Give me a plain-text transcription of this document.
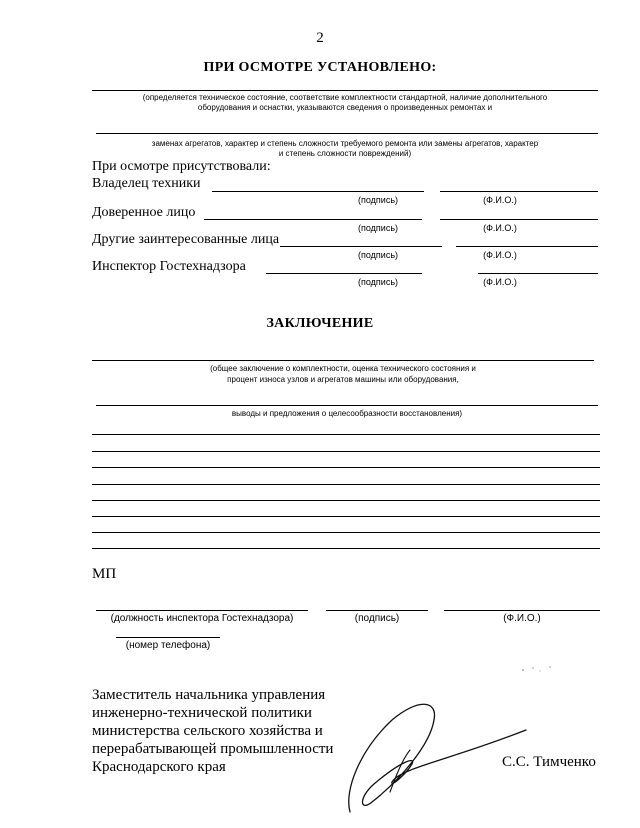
2
ПРИ ОСМОТРЕ УСТАНОВЛЕНО:
(определяется техническое состояние, соответствие комплектности стандартной, наличие дополнительного
оборудования и оснастки, указываются сведения о произведенных ремонтах и
заменах агрегатов, характер и степень сложности требуемого ремонта или замены агрегатов, характер
и степень сложности повреждений)
При осмотре присутствовали:
Владелец техники
(подпись)	(Ф.И.О.)
Доверенное лицо
(подпись)	(Ф.И.О.)
Другие заинтересованные лица
(подпись)	(Ф.И.О.)
Инспектор Гостехнадзора
(подпись)	(Ф.И.О.)
ЗАКЛЮЧЕНИЕ
(общее заключение о комплектности, оценка технического состояния и
процент износа узлов и агрегатов машины или оборудования,
выводы и предложения о целесообразности восстановления)
МП
(должность инспектора Гостехнадзора)	(подпись)	(Ф.И.О.)
(номер телефона)
Заместитель начальника управления
инженерно-технической политики
министерства сельского хозяйства и
перерабатывающей промышленности
Краснодарского края	С.С. Тимченко
